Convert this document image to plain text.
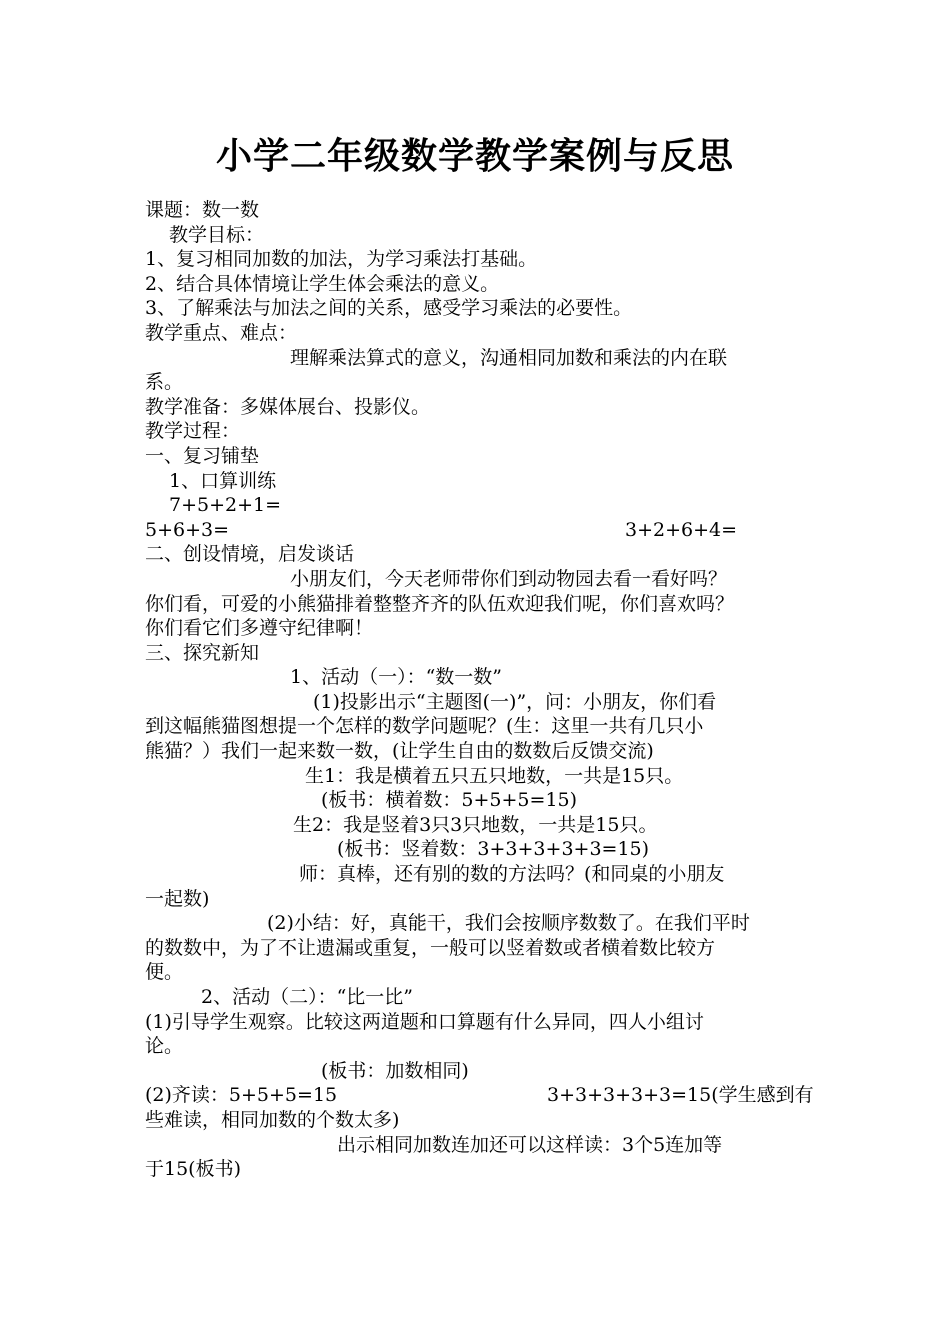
小学二年级数学教学案例与反思
课题：数一数
教学目标：
1、复习相同加数的加法，为学习乘法打基础。
2、结合具体情境让学生体会乘法的意义。
3、了解乘法与加法之间的关系，感受学习乘法的必要性。
教学重点、难点：
理解乘法算式的意义，沟通相同加数和乘法的内在联
系。
教学准备：多媒体展台、投影仪。
教学过程：
一、复习铺垫
1、口算训练
7+5+2+1=
5+6+3=	3+2+6+4=
二、创设情境，启发谈话
小朋友们，今天老师带你们到动物园去看一看好吗？
你们看，可爱的小熊猫排着整整齐齐的队伍欢迎我们呢，你们喜欢吗？
你们看它们多遵守纪律啊！
三、探究新知
1、活动（一）：“数一数”
(1)投影出示“主题图(一)”，问：小朋友，你们看
到这幅熊猫图想提一个怎样的数学问题呢？(生：这里一共有几只小
熊猫？）我们一起来数一数，(让学生自由的数数后反馈交流)
生1：我是横着五只五只地数，一共是15只。
(板书：横着数：5+5+5=15)
生2：我是竖着3只3只地数，一共是15只。
(板书：竖着数：3+3+3+3+3=15)
师：真棒，还有别的数的方法吗？(和同桌的小朋友
一起数)
(2)小结：好，真能干，我们会按顺序数数了。在我们平时
的数数中，为了不让遗漏或重复，一般可以竖着数或者横着数比较方
便。
2、活动（二）：“比一比”
(1)引导学生观察。比较这两道题和口算题有什么异同，四人小组讨
论。
(板书：加数相同)
(2)齐读：5+5+5=15	3+3+3+3+3=15(学生感到有
些难读，相同加数的个数太多)
出示相同加数连加还可以这样读：3个5连加等
于15(板书)
